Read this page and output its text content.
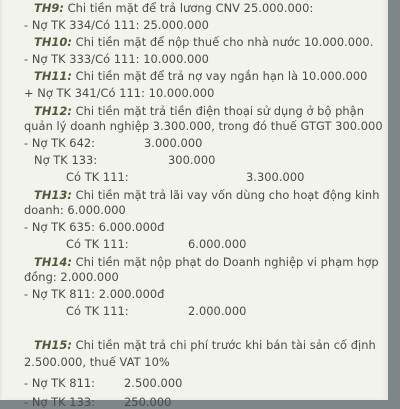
TH9: Chi tiền mặt để trả lương CNV 25.000.000:
- Nợ TK 334/Có 111: 25.000.000
TH10: Chi tiền mặt để nộp thuế cho nhà nước 10.000.000.
- Nợ TK 333/Có 111: 10.000.000
TH11: Chi tiền mặt để trả nợ vay ngắn hạn là 10.000.000
+ Nợ TK 341/Có 111: 10.000.000
TH12: Chi tiền mặt trả tiền điện thoại sử dụng ở bộ phận
quản lý doanh nghiệp 3.300.000, trong đó thuế GTGT 300.000
- Nợ TK 642:	3.000.000
Nợ TK 133:	300.000
Có TK 111:	3.300.000
TH13: Chi tiền mặt trả lãi vay vốn dùng cho hoạt động kinh
doanh: 6.000.000
- Nợ TK 635: 6.000.000đ
Có TK 111:	6.000.000
TH14: Chi tiền mặt nộp phạt do Doanh nghiệp vi phạm hợp
đồng: 2.000.000
- Nợ TK 811: 2.000.000đ
Có TK 111:	2.000.000
TH15: Chi tiền mặt trả chi phí trước khi bán tài sản cố định
2.500.000, thuế VAT 10%
- Nợ TK 811:	2.500.000
- Nợ TK 133:	250.000
